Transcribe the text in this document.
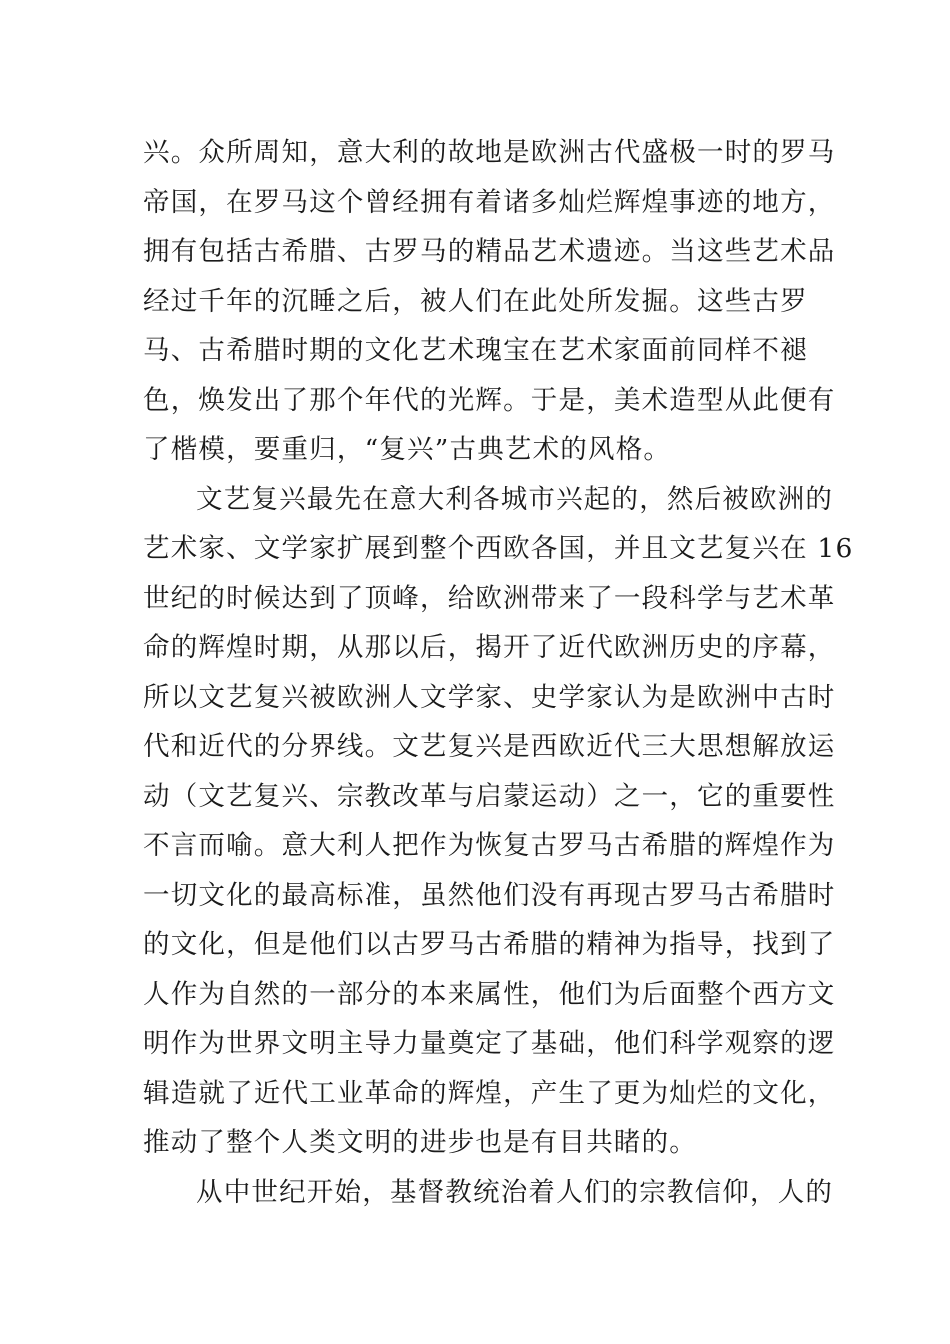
兴。众所周知，意大利的故地是欧洲古代盛极一时的罗马
帝国，在罗马这个曾经拥有着诸多灿烂辉煌事迹的地方，
拥有包括古希腊、古罗马的精品艺术遗迹。当这些艺术品
经过千年的沉睡之后，被人们在此处所发掘。这些古罗
马、古希腊时期的文化艺术瑰宝在艺术家面前同样不褪
色，焕发出了那个年代的光辉。于是，美术造型从此便有
了楷模，要重归，“复兴”古典艺术的风格。
文艺复兴最先在意大利各城市兴起的，然后被欧洲的
艺术家、文学家扩展到整个西欧各国，并且文艺复兴在 16
世纪的时候达到了顶峰，给欧洲带来了一段科学与艺术革
命的辉煌时期，从那以后，揭开了近代欧洲历史的序幕，
所以文艺复兴被欧洲人文学家、史学家认为是欧洲中古时
代和近代的分界线。文艺复兴是西欧近代三大思想解放运
动（文艺复兴、宗教改革与启蒙运动）之一，它的重要性
不言而喻。意大利人把作为恢复古罗马古希腊的辉煌作为
一切文化的最高标准，虽然他们没有再现古罗马古希腊时
的文化，但是他们以古罗马古希腊的精神为指导，找到了
人作为自然的一部分的本来属性，他们为后面整个西方文
明作为世界文明主导力量奠定了基础，他们科学观察的逻
辑造就了近代工业革命的辉煌，产生了更为灿烂的文化，
推动了整个人类文明的进步也是有目共睹的。
从中世纪开始，基督教统治着人们的宗教信仰，人的
